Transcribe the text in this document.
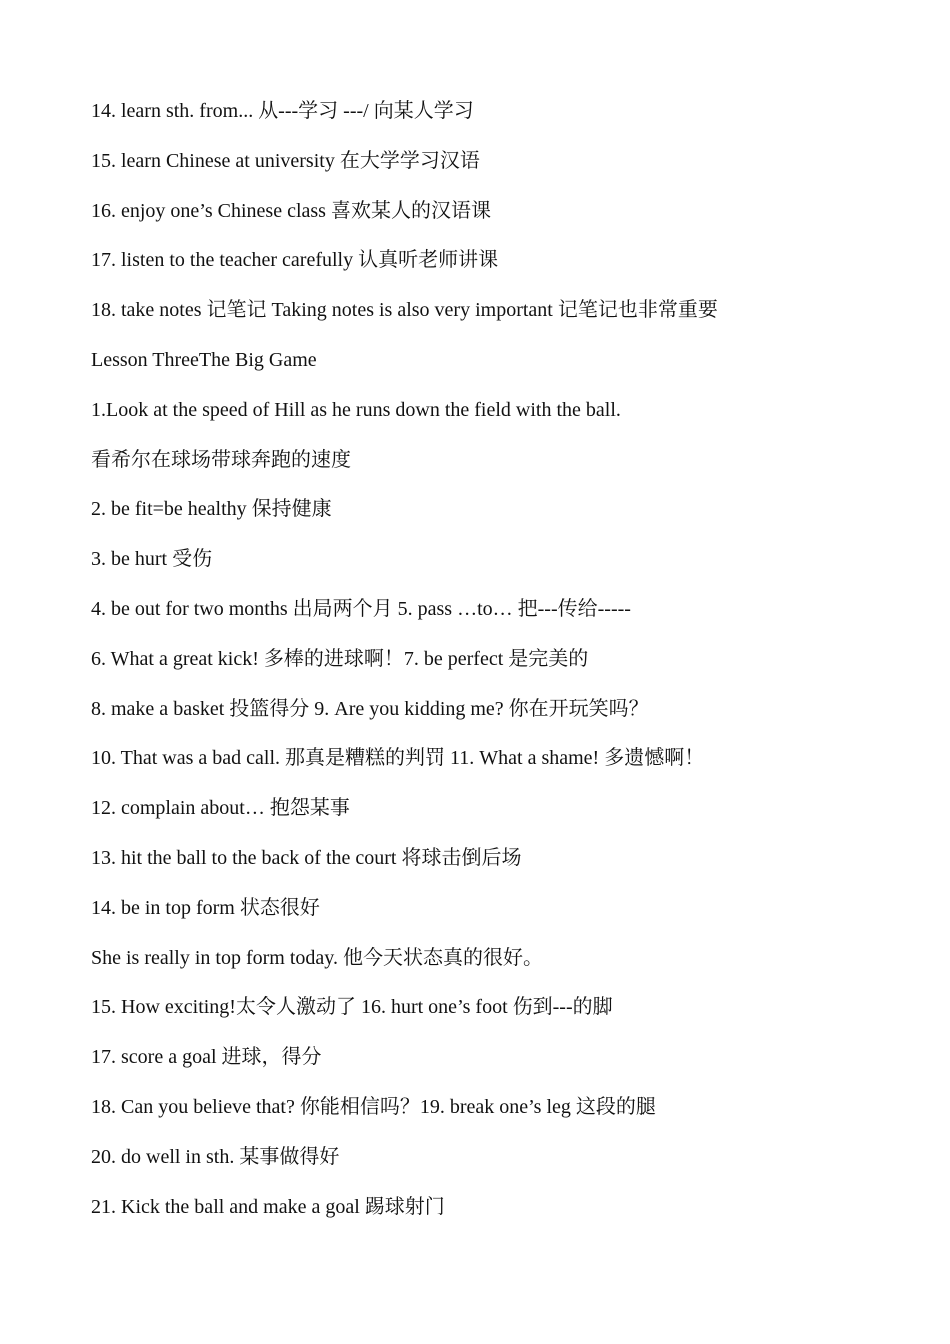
14. learn sth. from... 从---学习 ---/ 向某人学习
15. learn Chinese at university 在大学学习汉语
16. enjoy one’s Chinese class 喜欢某人的汉语课
17. listen to the teacher carefully 认真听老师讲课
18. take notes 记笔记 Taking notes is also very important 记笔记也非常重要
Lesson ThreeThe Big Game
1.Look at the speed of Hill as he runs down the field with the ball.
看希尔在球场带球奔跑的速度
2. be fit=be healthy 保持健康
3. be hurt 受伤
4. be out for two months 出局两个月 5. pass …to… 把---传给-----
6. What a great kick! 多棒的进球啊！7. be perfect 是完美的
8. make a basket 投篮得分 9. Are you kidding me? 你在开玩笑吗？
10. That was a bad call. 那真是糟糕的判罚 11. What a shame! 多遗憾啊！
12. complain about… 抱怨某事
13. hit the ball to the back of the court 将球击倒后场
14. be in top form 状态很好
She is really in top form today. 他今天状态真的很好。
15. How exciting!太令人激动了 16. hurt one’s foot 伤到---的脚
17. score a goal 进球，得分
18. Can you believe that? 你能相信吗？19. break one’s leg 这段的腿
20. do well in sth. 某事做得好
21. Kick the ball and make a goal 踢球射门
